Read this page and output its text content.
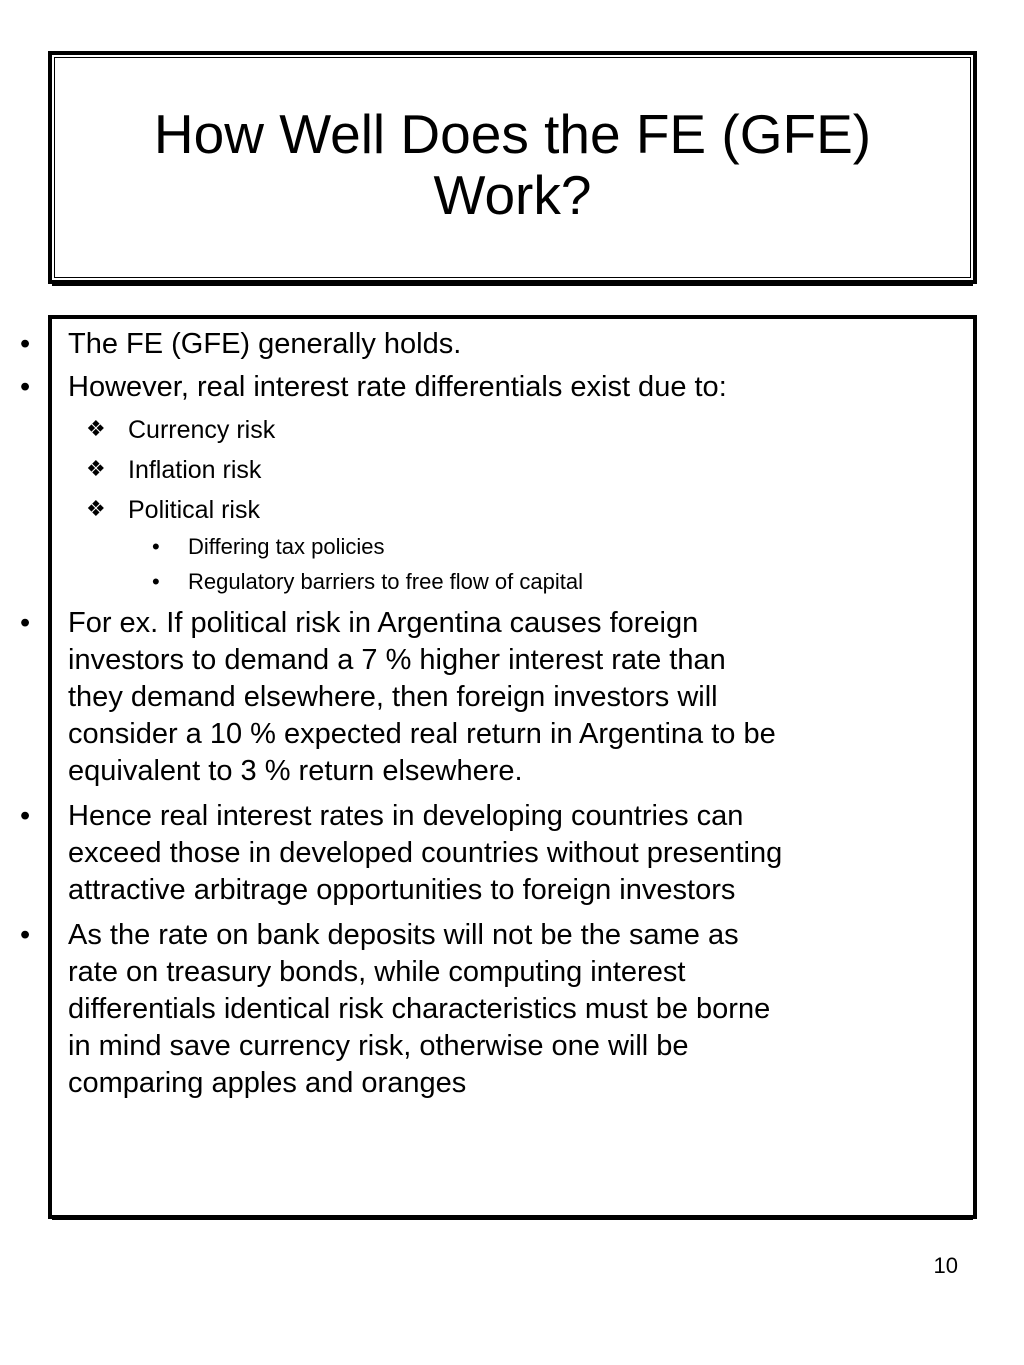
How Well Does the FE (GFE)
Work?
• The FE (GFE) generally holds.
• However, real interest rate differentials exist due to:
❖ Currency risk
❖ Inflation risk
❖ Political risk
• Differing tax policies
• Regulatory barriers to free flow of capital
• For ex. If political risk in Argentina causes foreign
investors to demand a 7 % higher interest rate than
they demand elsewhere, then foreign investors will
consider a 10 % expected real return in Argentina to be
equivalent to 3 % return elsewhere.
• Hence real interest rates in developing countries can
exceed those in developed countries without presenting
attractive arbitrage opportunities to foreign investors
• As the rate on bank deposits will not be the same as
rate on treasury bonds, while computing interest
differentials identical risk characteristics must be borne
in mind save currency risk, otherwise one will be
comparing apples and oranges
10
